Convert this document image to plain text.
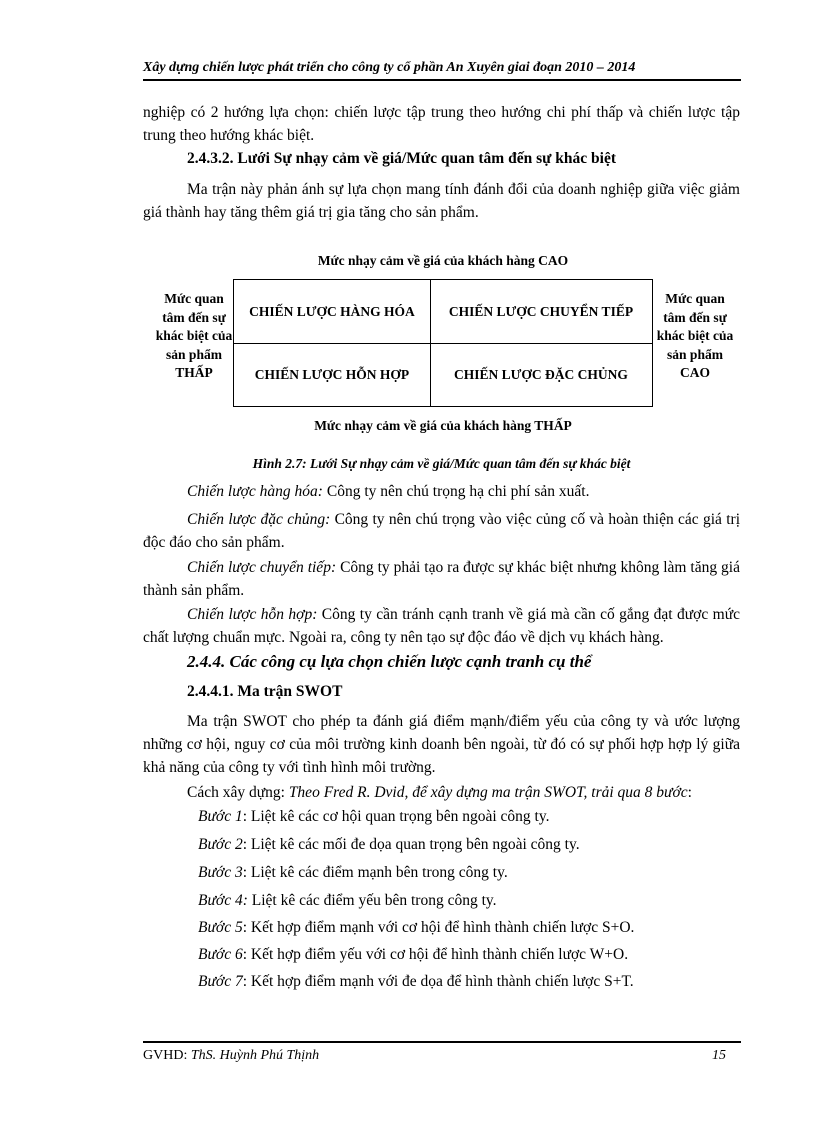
Xây dựng chiến lược phát triển cho công ty cổ phần An Xuyên giai đoạn 2010 – 2014
nghiệp có 2 hướng lựa chọn: chiến lược tập trung theo hướng chi phí thấp và chiến lược tập trung theo hướng khác biệt.
2.4.3.2. Lưới Sự nhạy cảm về giá/Mức quan tâm đến sự khác biệt
Ma trận này phản ánh sự lựa chọn mang tính đánh đổi của doanh nghiệp giữa việc giảm giá thành hay tăng thêm giá trị gia tăng cho sản phẩm.
Mức nhạy cảm về giá của khách hàng CAO
Mức quan tâm đến sự khác biệt của sản phẩm THẤP
Mức quan tâm đến sự khác biệt của sản phẩm CAO
CHIẾN LƯỢC HÀNG HÓA	CHIẾN LƯỢC CHUYỂN TIẾP
CHIẾN LƯỢC HỖN HỢP	CHIẾN LƯỢC ĐẶC CHỦNG
Mức nhạy cảm về giá của khách hàng THẤP
Hình 2.7: Lưới Sự nhạy cảm về giá/Mức quan tâm đến sự khác biệt
Chiến lược hàng hóa: Công ty nên chú trọng hạ chi phí sản xuất.
Chiến lược đặc chủng: Công ty nên chú trọng vào việc củng cố và hoàn thiện các giá trị độc đáo cho sản phẩm.
Chiến lược chuyển tiếp: Công ty phải tạo ra được sự khác biệt nhưng không làm tăng giá thành sản phẩm.
Chiến lược hỗn hợp: Công ty cần tránh cạnh tranh về giá mà cần cố gắng đạt được mức chất lượng chuẩn mực. Ngoài ra, công ty nên tạo sự độc đáo về dịch vụ khách hàng.
2.4.4. Các công cụ lựa chọn chiến lược cạnh tranh cụ thể
2.4.4.1. Ma trận SWOT
Ma trận SWOT cho phép ta đánh giá điểm mạnh/điểm yếu của công ty và ước lượng những cơ hội, nguy cơ của môi trường kinh doanh bên ngoài, từ đó có sự phối hợp hợp lý giữa khả năng của công ty với tình hình môi trường.
Cách xây dựng: Theo Fred R. Dvid, để xây dựng ma trận SWOT, trải qua 8 bước:
Bước 1: Liệt kê các cơ hội quan trọng bên ngoài công ty.
Bước 2: Liệt kê các mối đe dọa quan trọng bên ngoài công ty.
Bước 3: Liệt kê các điểm mạnh bên trong công ty.
Bước 4: Liệt kê các điểm yếu bên trong công ty.
Bước 5: Kết hợp điểm mạnh với cơ hội để hình thành chiến lược S+O.
Bước 6: Kết hợp điểm yếu với cơ hội để hình thành chiến lược W+O.
Bước 7: Kết hợp điểm mạnh với đe dọa để hình thành chiến lược S+T.
GVHD: ThS. Huỳnh Phú Thịnh	15
